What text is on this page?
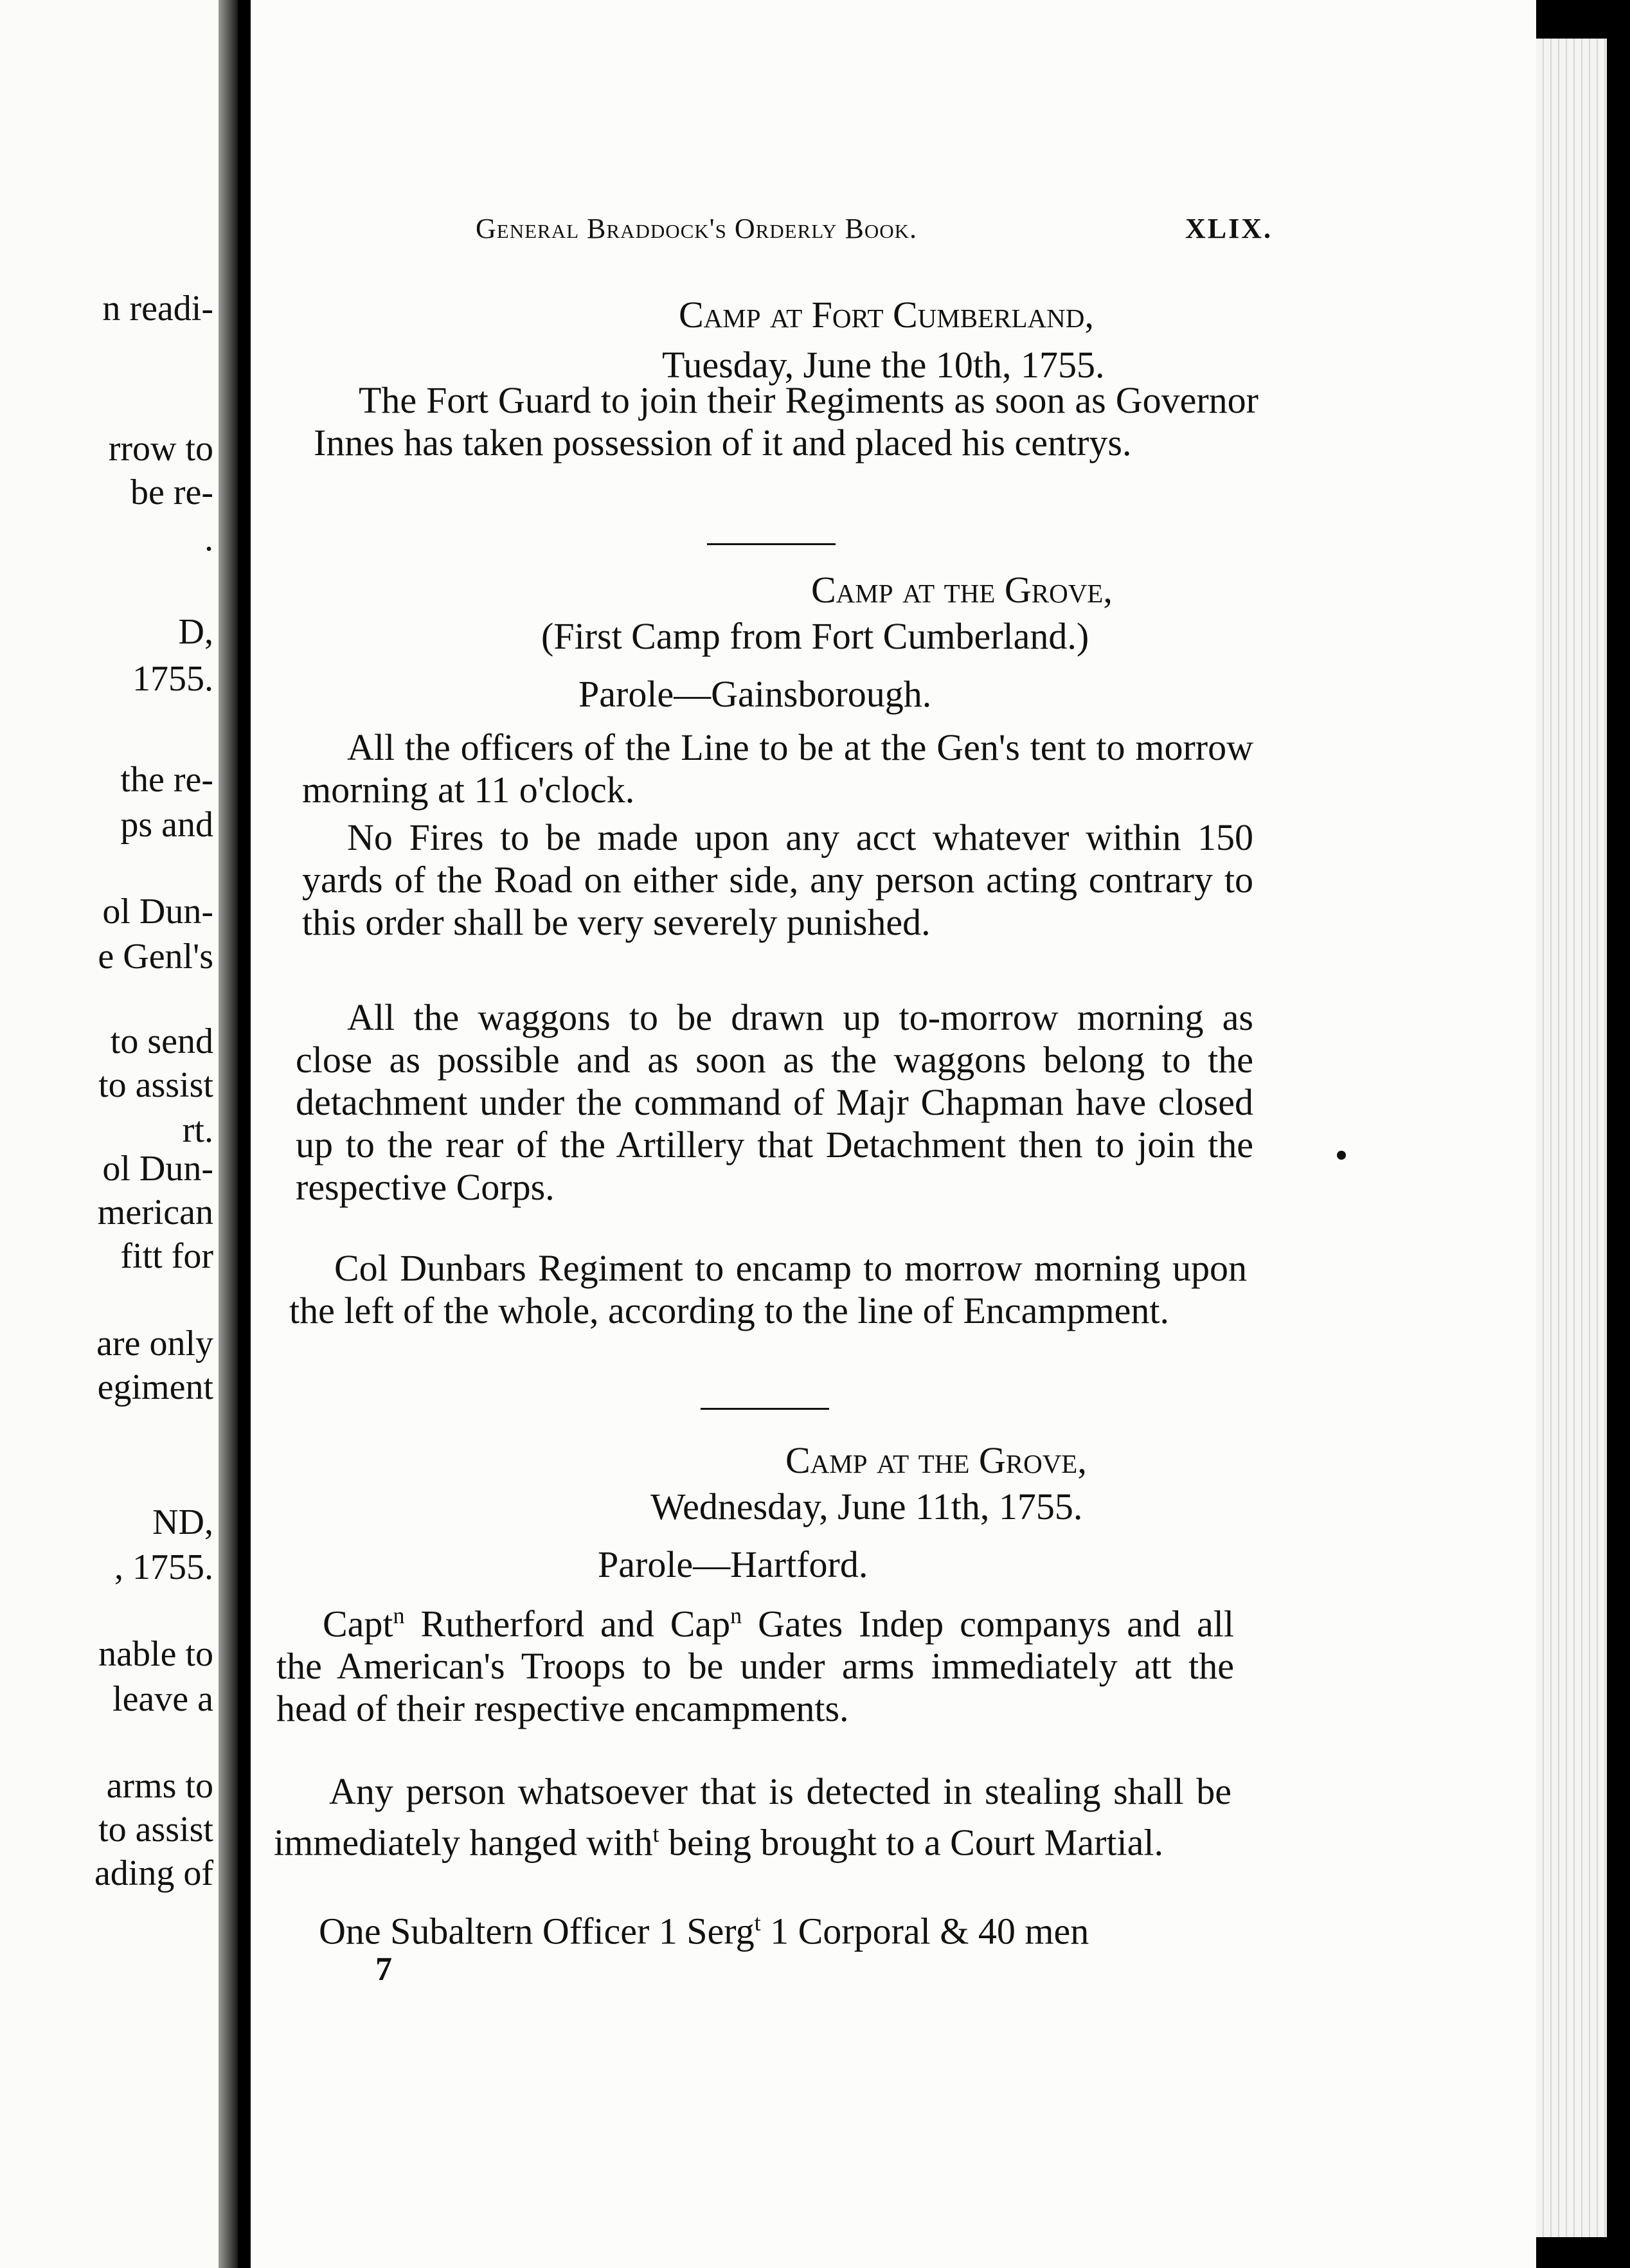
n readi-
rrow to
be re-
.
D,
1755.
the re-
ps and
ol Dun-
e Genl's
to send
to assist
rt.
ol Dun-
merican
fitt for
are only
egiment
ND,
, 1755.
nable to
leave a
arms to
to assist
ading of
General Braddock's Orderly Book.	XLIX.
Camp at Fort Cumberland,
Tuesday, June the 10th, 1755.
The Fort Guard to join their Regiments as soon as Governor Innes has taken possession of it and placed his centrys.
Camp at the Grove,
(First Camp from Fort Cumberland.)
Parole—Gainsborough.
All the officers of the Line to be at the Gen's tent to morrow morning at 11 o'clock.
No Fires to be made upon any acct whatever within 150 yards of the Road on either side, any person acting contrary to this order shall be very severely punished.
All the waggons to be drawn up to-morrow morning as close as possible and as soon as the waggons belong to the detachment under the command of Majr Chapman have closed up to the rear of the Artillery that Detachment then to join the respective Corps.
Col Dunbars Regiment to encamp to morrow morning upon the left of the whole, according to the line of Encampment.
Camp at the Grove,
Wednesday, June 11th, 1755.
Parole—Hartford.
Capt$^n$ Rutherford and Cap$^n$ Gates Indep companys and all the American's Troops to be under arms immediately att the head of their respective encampments.
Any person whatsoever that is detected in stealing shall be immediately hanged with$^t$ being brought to a Court Martial.
One Subaltern Officer 1 Serg$^t$ 1 Corporal & 40 men
7
